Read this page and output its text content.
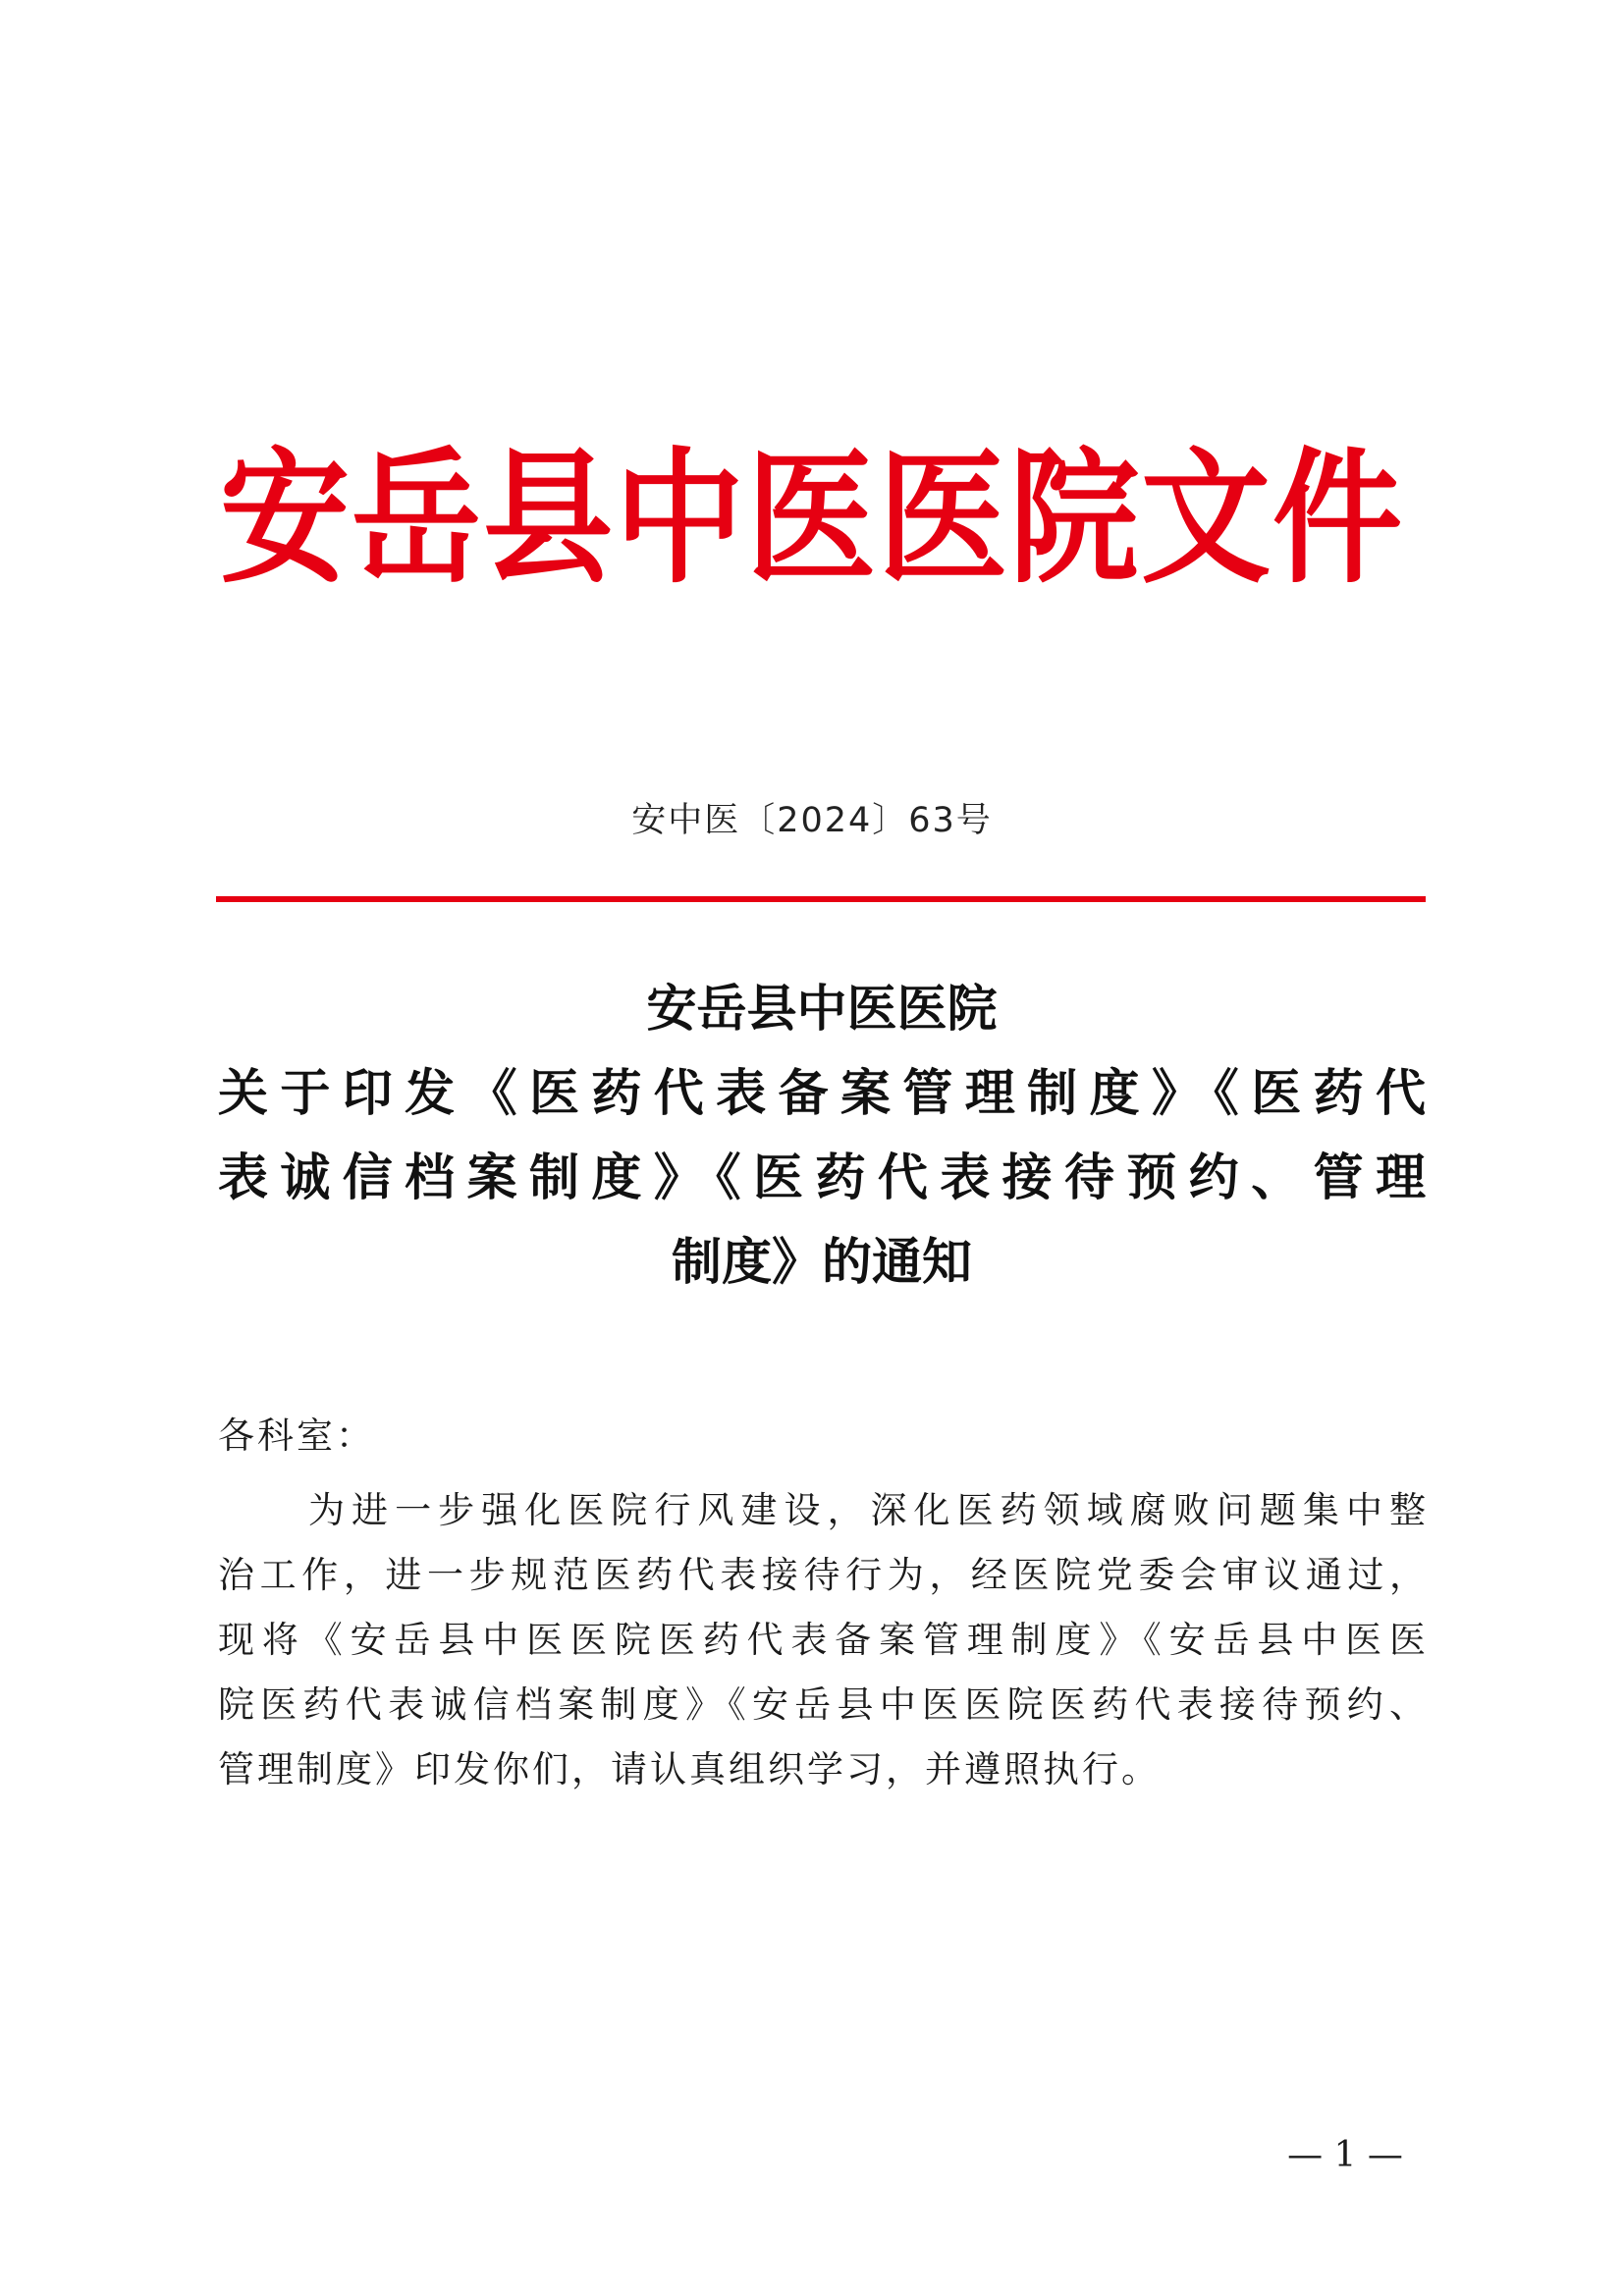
安岳县中医医院文件
安中医〔2024〕63号
安岳县中医医院
关于印发《医药代表备案管理制度》《医药代
表诚信档案制度》《医药代表接待预约、管理
制度》的通知
各科室：
为进一步强化医院行风建设，深化医药领域腐败问题集中整
治工作，进一步规范医药代表接待行为，经医院党委会审议通过，
现将《安岳县中医医院医药代表备案管理制度》《安岳县中医医
院医药代表诚信档案制度》《安岳县中医医院医药代表接待预约、
管理制度》印发你们，请认真组织学习，并遵照执行。
— 1 —
